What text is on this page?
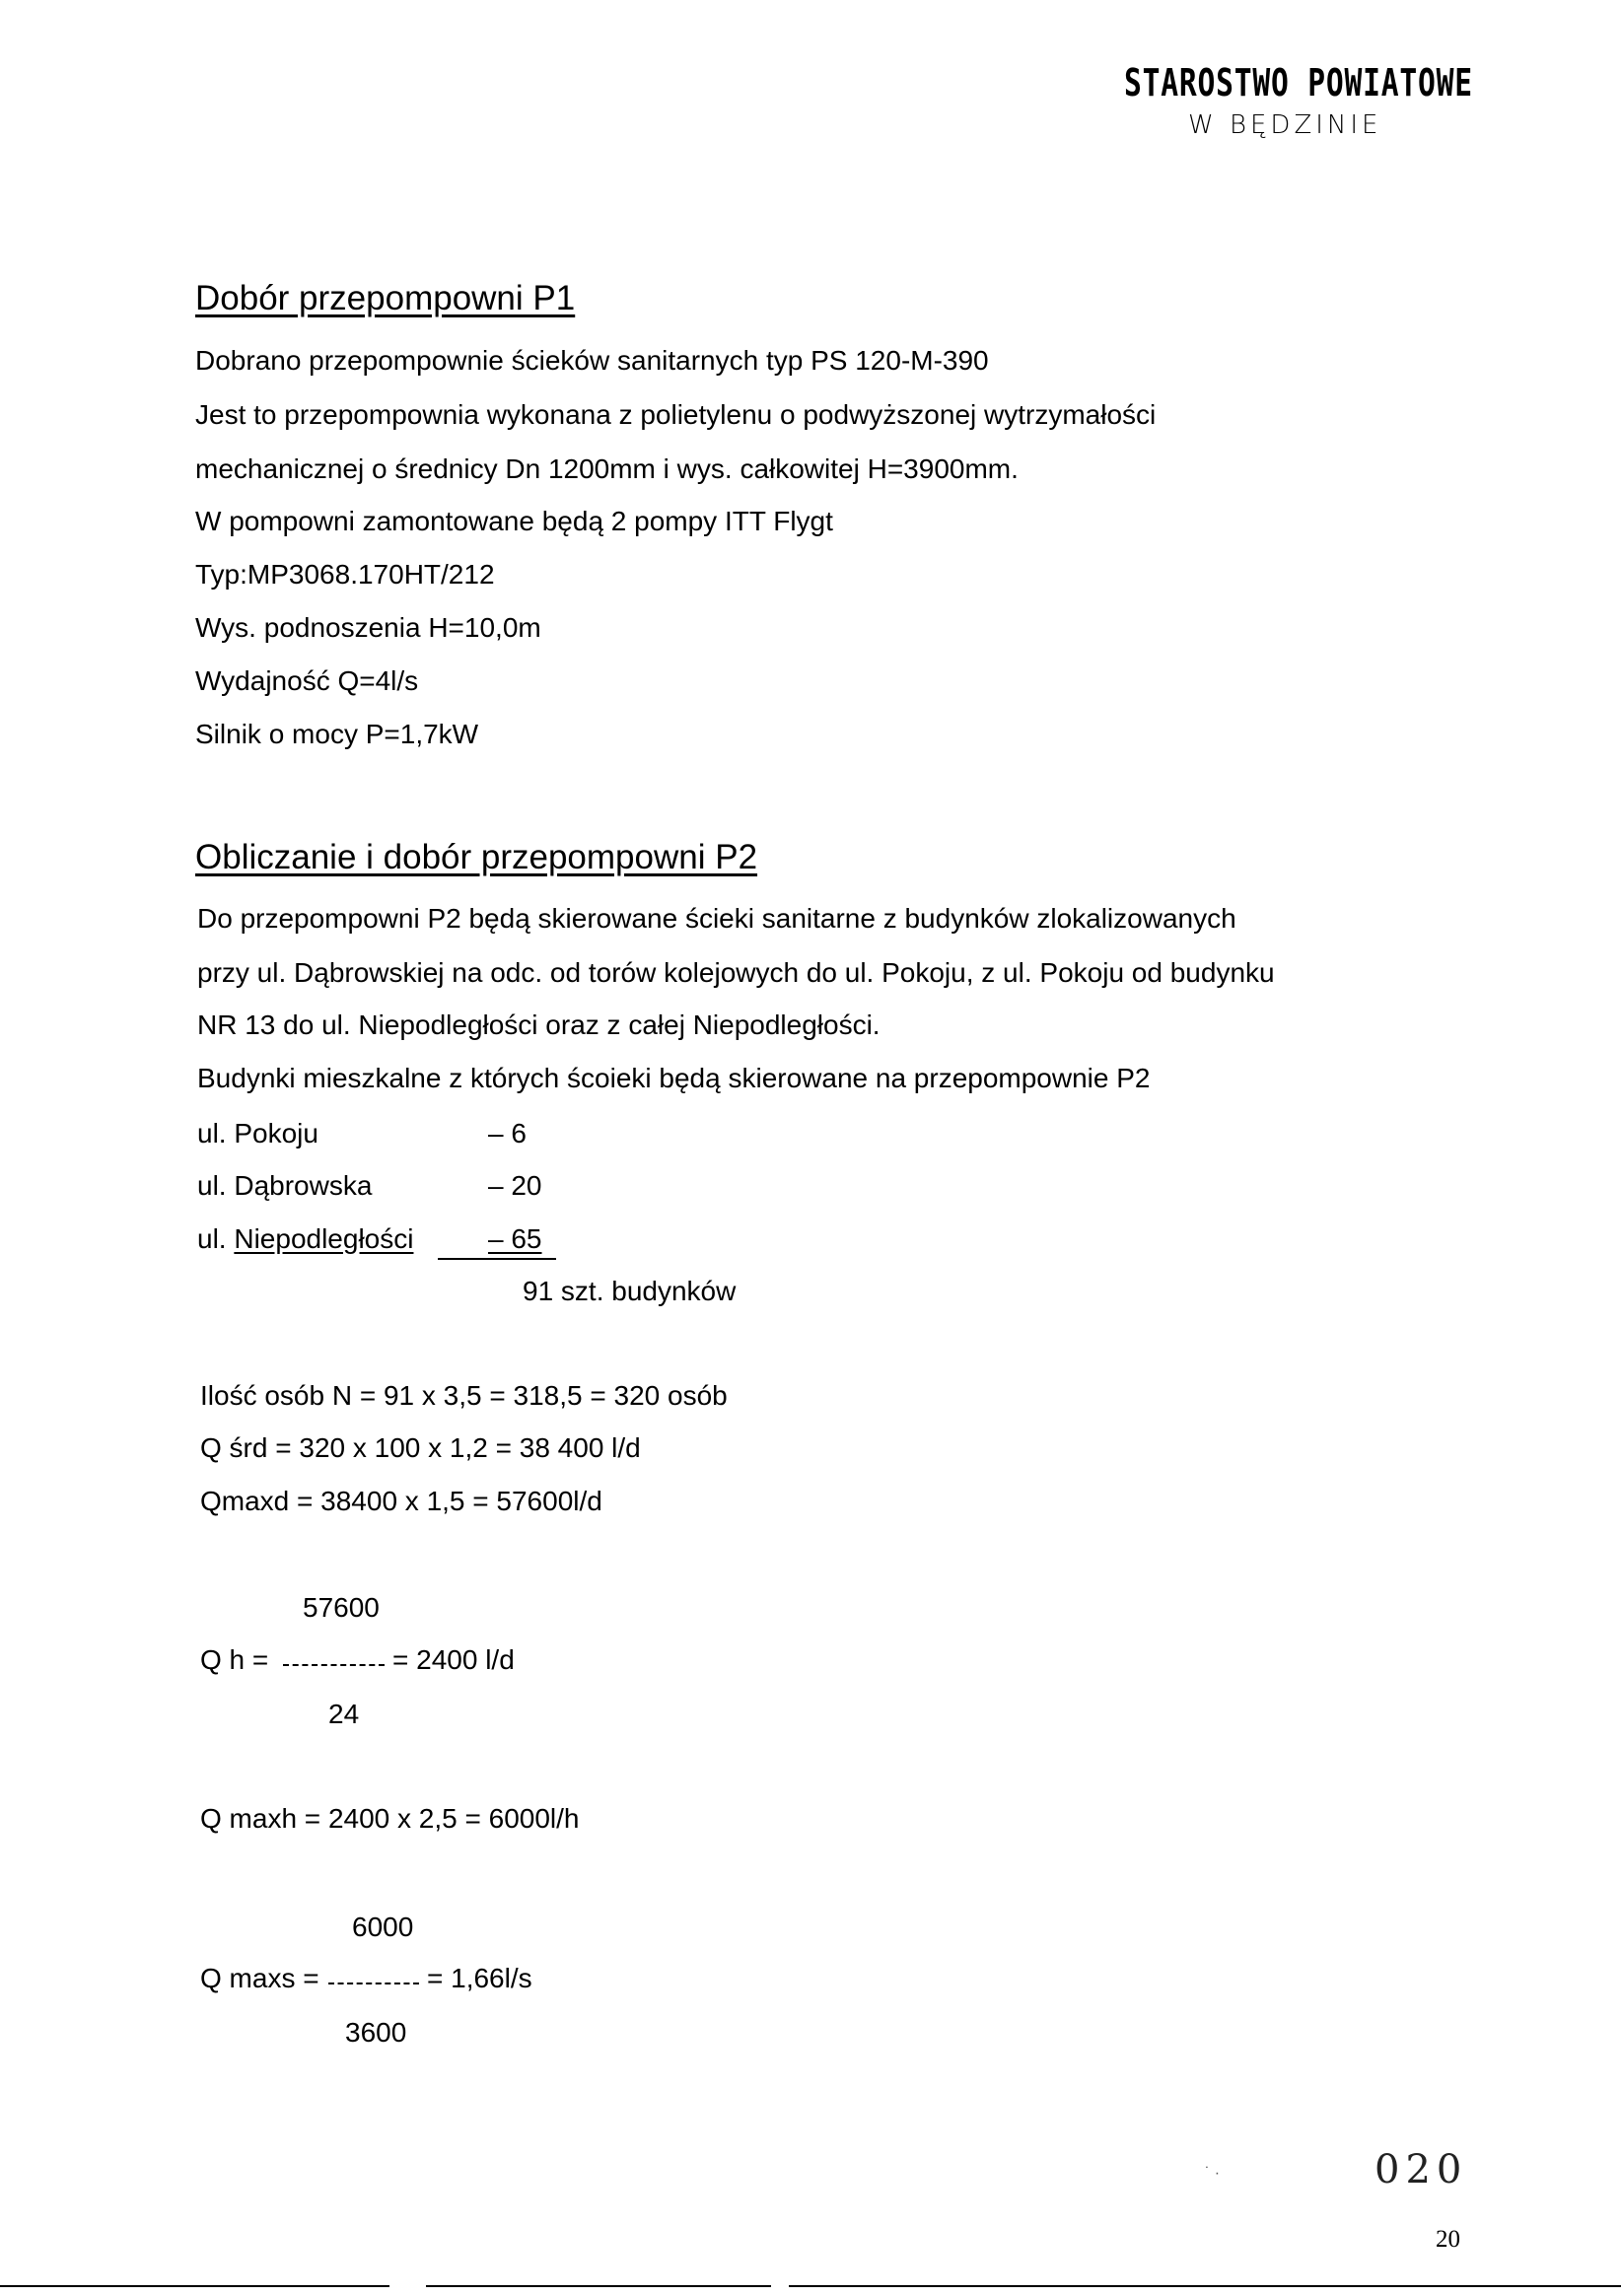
STAROSTWO POWIATOWE
W BĘDZINIE
Dobór przepompowni P1
Dobrano przepompownie ścieków sanitarnych typ PS 120-M-390
Jest to przepompownia wykonana z polietylenu o podwyższonej wytrzymałości
mechanicznej o średnicy Dn 1200mm i wys. całkowitej H=3900mm.
W pompowni zamontowane będą 2 pompy ITT Flygt
Typ:MP3068.170HT/212
Wys. podnoszenia H=10,0m
Wydajność Q=4l/s
Silnik o mocy P=1,7kW
Obliczanie i dobór przepompowni P2
Do przepompowni P2 będą skierowane ścieki sanitarne z budynków zlokalizowanych
przy ul. Dąbrowskiej na odc. od torów kolejowych do ul. Pokoju, z ul. Pokoju od budynku
NR 13 do ul. Niepodległości oraz z całej Niepodległości.
Budynki mieszkalne z których ścoieki będą skierowane na przepompownie P2
ul. Pokoju	– 6
ul. Dąbrowska	– 20
ul. Niepodległości	– 65
91 szt. budynków
Ilość osób N = 91 x 3,5 = 318,5 = 320 osób
Q śrd = 320 x 100 x 1,2 = 38 400 l/d
Qmaxd = 38400 x 1,5 = 57600l/d
57600
Q h =	= 2400 l/d
24
Q maxh = 2400 x 2,5 = 6000l/h
6000
Q maxs =	= 1,66l/s
3600
˙ ·	020
20
